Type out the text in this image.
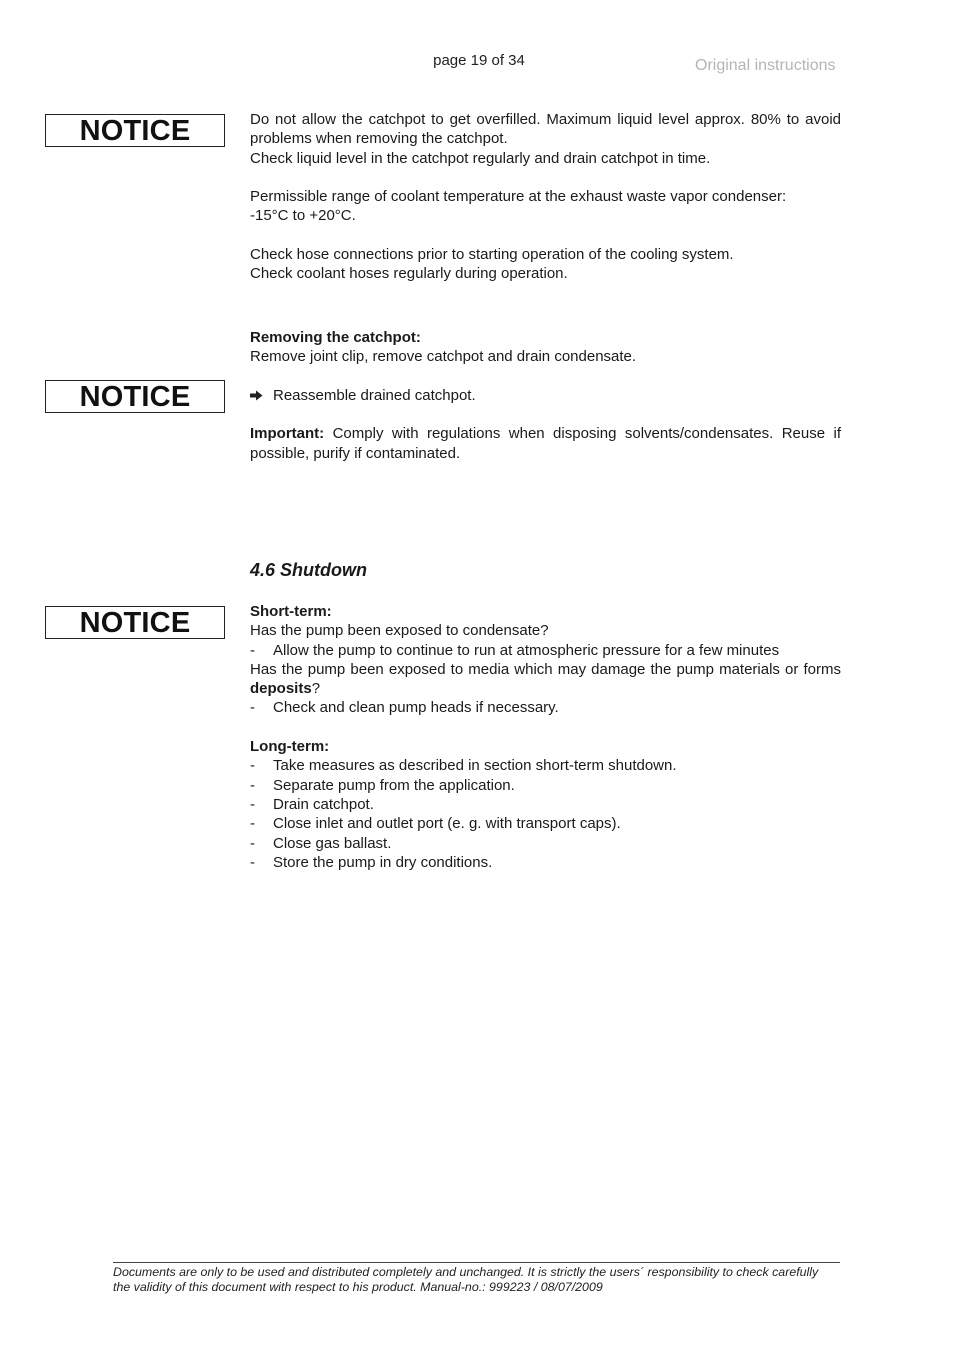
page 19 of 34	Original instructions
NOTICE
NOTICE
NOTICE

Do not allow the catchpot to get overfilled. Maximum liquid level approx. 80% to avoid problems when removing the catchpot.

Check liquid level in the catchpot regularly and drain catchpot in time.

Permissible range of coolant temperature at the exhaust waste vapor condenser:

-15°C to +20°C.

Check hose connections prior to starting operation of the cooling system.

Check coolant hoses regularly during operation.

Removing the catchpot:

Remove joint clip, remove catchpot and drain condensate.

Reassemble drained catchpot.

Important: Comply with regulations when disposing solvents/condensates. Reuse if possible, purify if contaminated.

4.6 Shutdown

Short-term:

Has the pump been exposed to condensate?

-	Allow the pump to continue to run at atmospheric pressure for a few minutes

Has the pump been exposed to media which may damage the pump materials or forms deposits?

-	Check and clean pump heads if necessary.

Long-term:

-	Take measures as described in section short-term shutdown.
-	Separate pump from the application.
-	Drain catchpot.
-	Close inlet and outlet port (e. g. with transport caps).
-	Close gas ballast.
-	Store the pump in dry conditions.

Documents are only to be used and distributed completely and unchanged. It is strictly the users´ responsibility to check carefully

the validity of this document with respect to his product. Manual-no.: 999223 / 08/07/2009
